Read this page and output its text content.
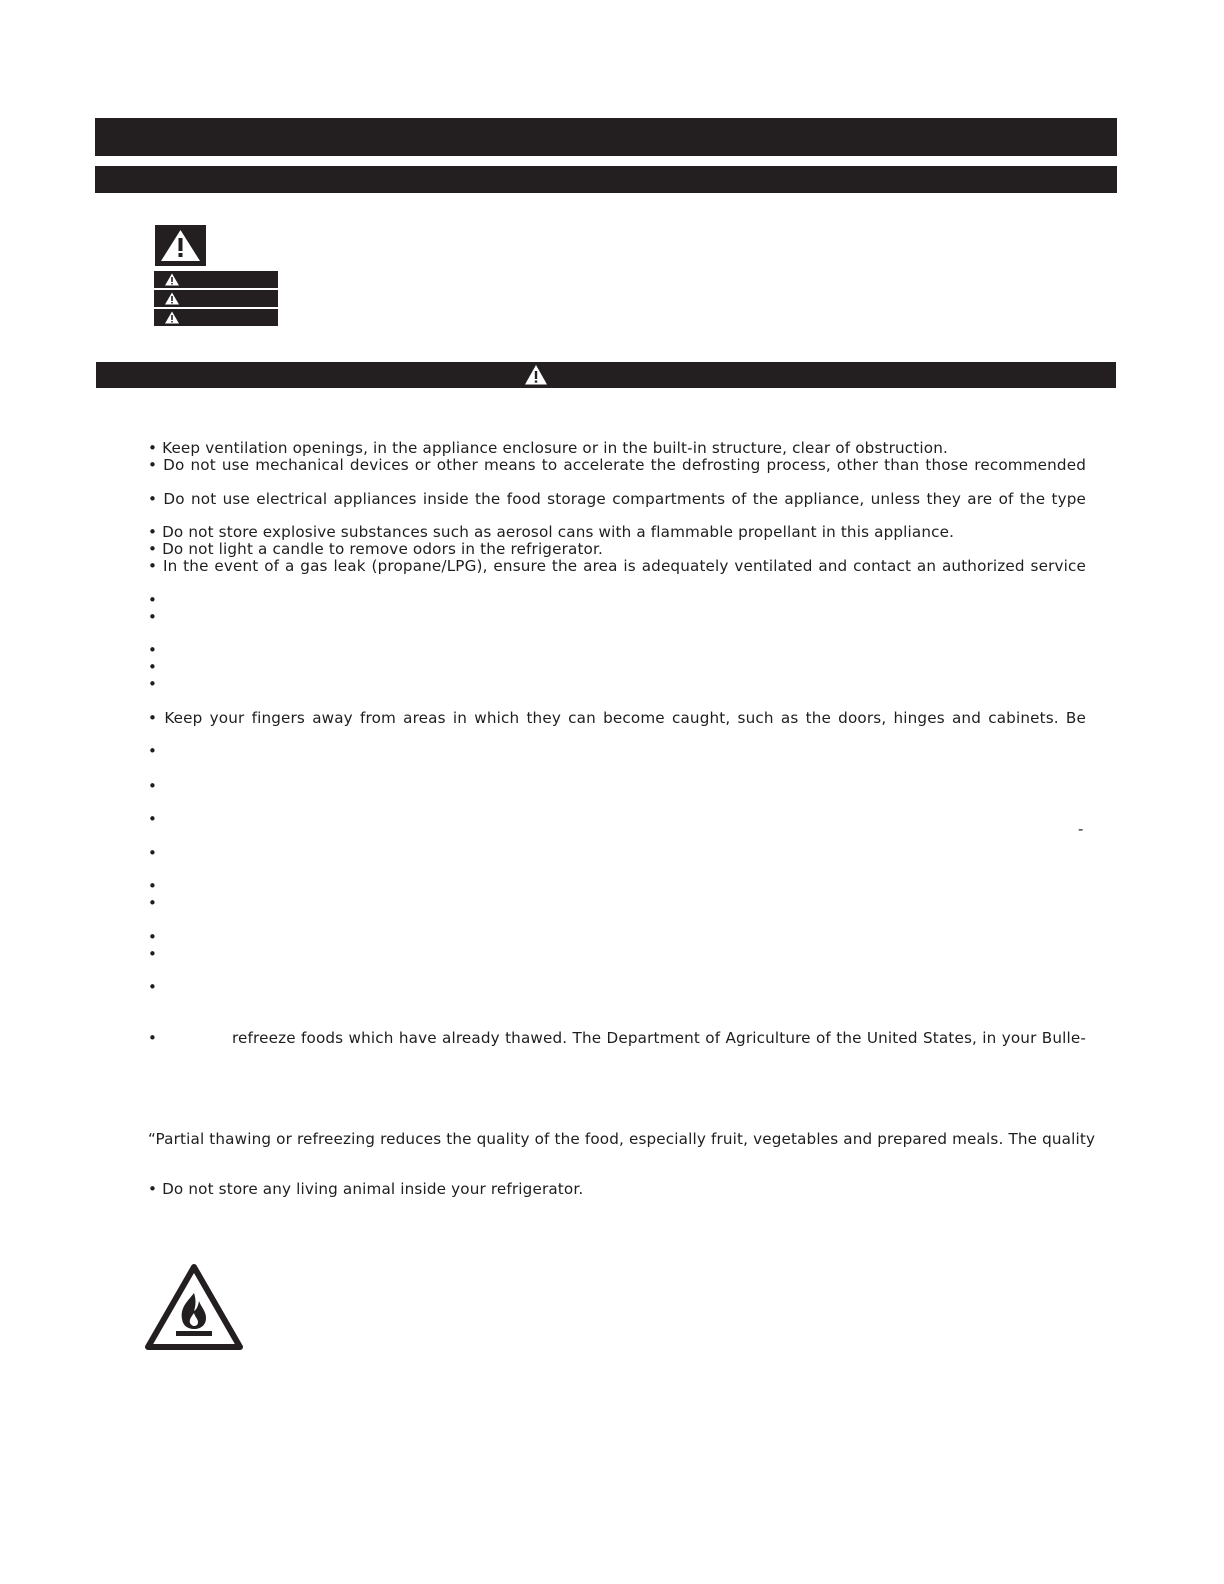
• Keep ventilation openings, in the appliance enclosure or in the built-in structure, clear of obstruction.
• Do not use mechanical devices or other means to accelerate the defrosting process, other than those recommended
• Do not use electrical appliances inside the food storage compartments of the appliance, unless they are of the type
• Do not store explosive substances such as aerosol cans with a flammable propellant in this appliance.
• Do not light a candle to remove odors in the refrigerator.
• In the event of a gas leak (propane/LPG), ensure the area is adequately ventilated and contact an authorized service
•
•
•
•
•
• Keep your fingers away from areas in which they can become caught, such as the doors, hinges and cabinets. Be
•
•
•
-
•
•
•
•
•
•
•	refreeze foods which have already thawed. The Department of Agriculture of the United States, in your Bulle-
“Partial thawing or refreezing reduces the quality of the food, especially fruit, vegetables and prepared meals. The quality
• Do not store any living animal inside your refrigerator.
